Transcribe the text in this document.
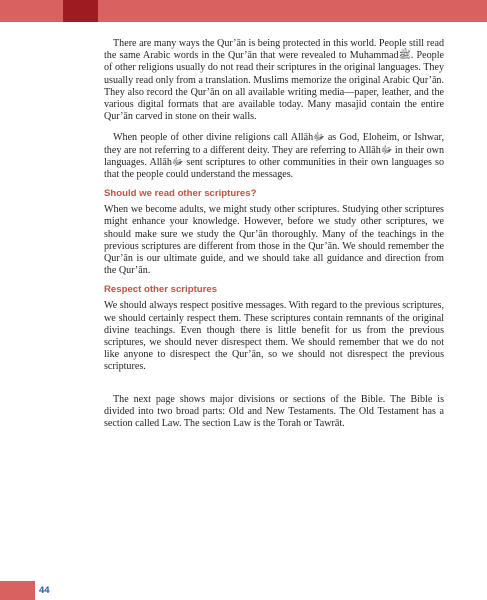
There are many ways the Qur’ān is being protected in this world. People still read the same Arabic words in the Qur’ān that were revealed to Muhammadﷺ. People of other religions usually do not read their scriptures in the original languages. They usually read only from a translation. Muslims memorize the original Arabic Qur’ān. They also record the Qur’ān on all available writing media—paper, leather, and the various digital formats that are available today. Many masajid contain the entire Qur’ān carved in stone on their walls.

When people of other divine religions call Allāhﷻ as God, Eloheim, or Ishwar, they are not referring to a different deity. They are referring to Allāhﷻ in their own languages. Allāhﷻ sent scriptures to other communities in their own languages so that the people could understand the messages.

Should we read other scriptures?

When we become adults, we might study other scriptures. Studying other scriptures might enhance your knowledge. However, before we study other scriptures, we should make sure we study the Qur’ān thoroughly. Many of the teachings in the previous scriptures are different from those in the Qur’ān. We should remember the Qur’ān is our ultimate guide, and we should take all guidance and direction from the Qur’ān.

Respect other scriptures

We should always respect positive messages. With regard to the previous scriptures, we should certainly respect them. These scriptures contain remnants of the original divine teachings. Even though there is little benefit for us from the previous scriptures, we should never disrespect them. We should remember that we do not like anyone to disrespect the Qur’ān, so we should not disrespect the previous scriptures.

The next page shows major divisions or sections of the Bible. The Bible is divided into two broad parts: Old and New Testaments. The Old Testament has a section called Law. The section Law is the Torah or Tawrāt.

44
